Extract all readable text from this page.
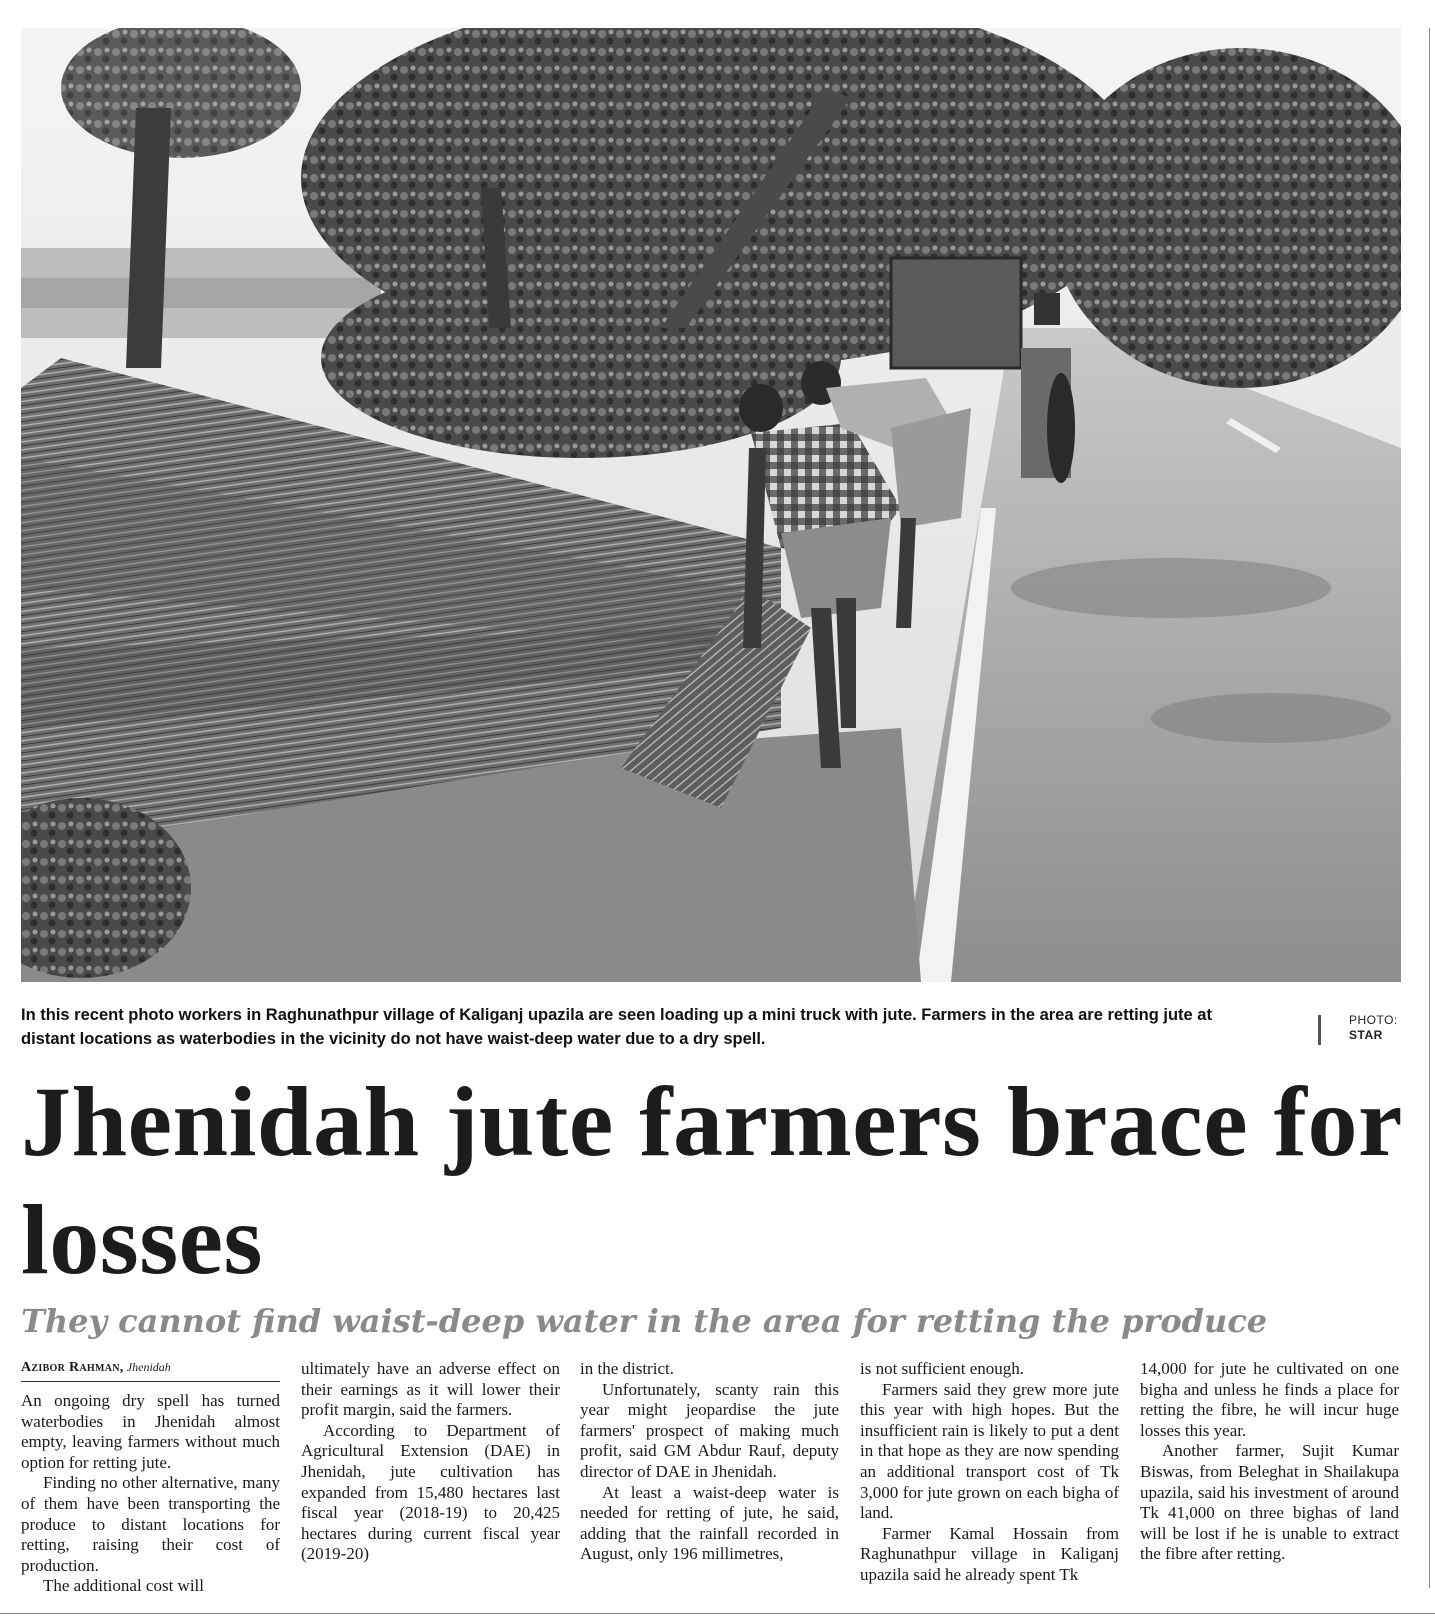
In this recent photo workers in Raghunathpur village of Kaliganj upazila are seen loading up a mini truck with jute. Farmers in the area are retting jute at distant locations as waterbodies in the vicinity do not have waist-deep water due to a dry spell.
PHOTO:
STAR
Jhenidah jute farmers brace for losses
They cannot find waist-deep water in the area for retting the produce
Azibor Rahman, Jhenidah

An ongoing dry spell has turned waterbodies in Jhenidah almost empty, leaving farmers without much option for retting jute.

Finding no other alternative, many of them have been transporting the produce to distant locations for retting, raising their cost of production.

The additional cost will

ultimately have an adverse effect on their earnings as it will lower their profit margin, said the farmers.

According to Department of Agricultural Extension (DAE) in Jhenidah, jute cultivation has expanded from 15,480 hectares last fiscal year (2018-19) to 20,425 hectares during current fiscal year (2019-20)

in the district.

Unfortunately, scanty rain this year might jeopardise the jute farmers' prospect of making much profit, said GM Abdur Rauf, deputy director of DAE in Jhenidah.

At least a waist-deep water is needed for retting of jute, he said, adding that the rainfall recorded in August, only 196 millimetres,

is not sufficient enough.

Farmers said they grew more jute this year with high hopes. But the insufficient rain is likely to put a dent in that hope as they are now spending an additional transport cost of Tk 3,000 for jute grown on each bigha of land.

Farmer Kamal Hossain from Raghunathpur village in Kaliganj upazila said he already spent Tk

14,000 for jute he cultivated on one bigha and unless he finds a place for retting the fibre, he will incur huge losses this year.

Another farmer, Sujit Kumar Biswas, from Beleghat in Shailakupa upazila, said his investment of around Tk 41,000 on three bighas of land will be lost if he is unable to extract the fibre after retting.
